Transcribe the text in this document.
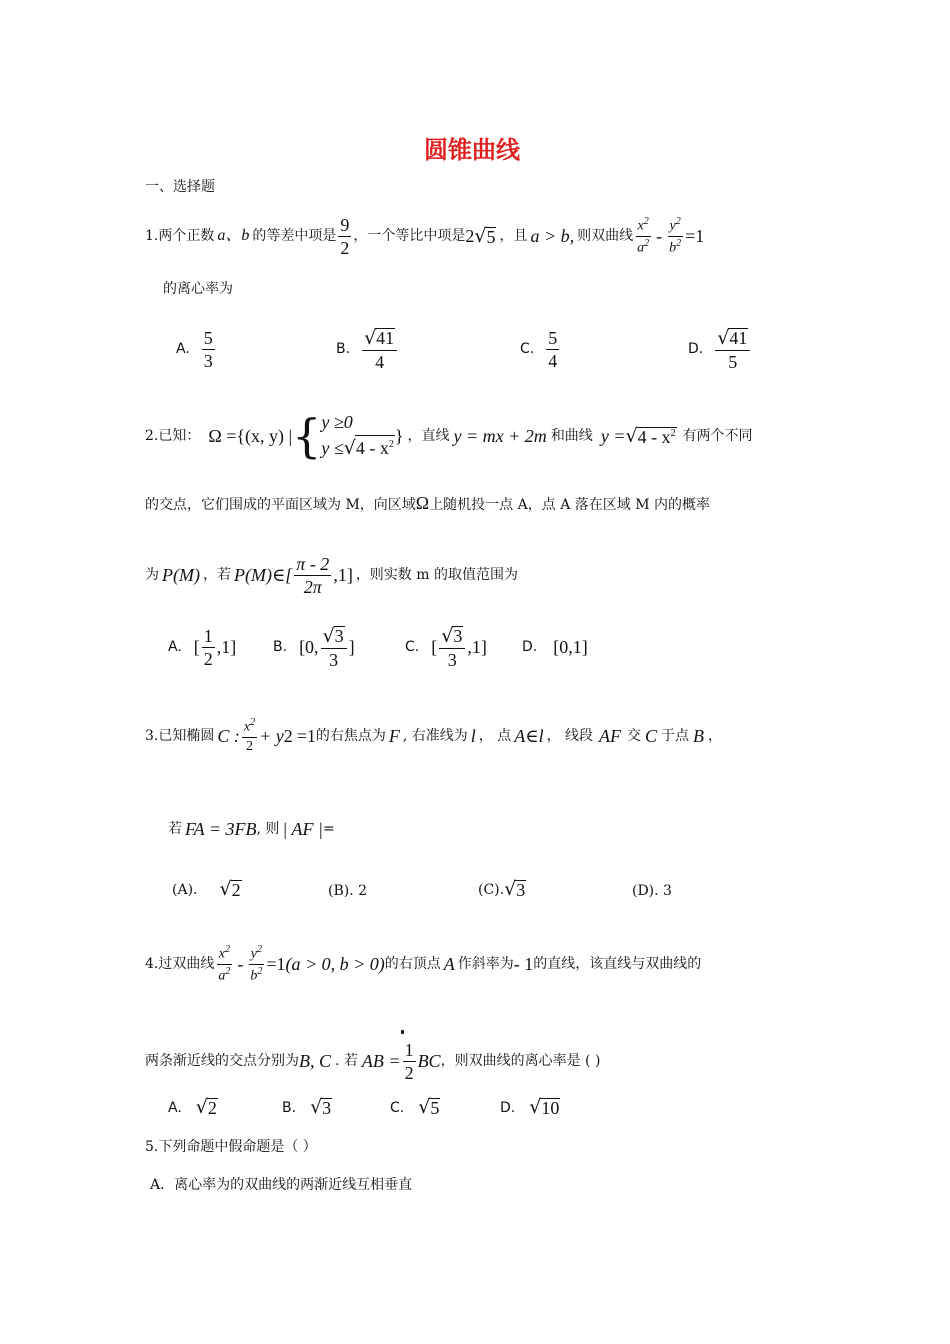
圆锥曲线
一、选择题
1.两个正数 a、b 的等差中项是 $\frac{9}{2}$ ，一个等比中项是 2 √ 5 ，且 a > b, 则双曲线 $\frac{x^2}{a^2} - \frac{y^2}{b^2} =1$
的离心率为
A. $\frac{5}{3}$	B. $\frac{√41}{4}$	C. $\frac{5}{4}$	D. $\frac{√41}{5}$
2.已知： Ω ={(x, y) | { y ≥0
$y \le√4 - x^2$ } ，直线 y = mx + 2m 和曲线 y = √ $4 - x^2$ 有两个不同
的交点，它们围成的平面区域为 M，向区域Ω上随机投一点 A，点 A 落在区域 M 内的概率
为 P(M) ，若 P(M)∈[ $\frac{\pi - 2}{2\pi} ,1$] ，则实数 m 的取值范围为
A. [ $\frac{1}{2} ,1$]	B. [0, $\frac{√3}{3}$ ]	C. [ $\frac{√3}{3} ,1$]	D. [0,1]
3.已知椭圆 C : $\frac{x^2}{2} + y$ 2 =1 的右焦点为 F , 右准线为 l ， 点 A∈l ， 线段 AF 交 C 于点 B ，
若 FA = 3FB , 则 | AF | =
(A). √ 2	(B). 2	(C). √ 3	(D). 3
4.过双曲线 $\frac{x^2}{a^2} - \frac{y^2}{b^2} =1$ (a > 0, b > 0) 的右顶点 A 作斜率为 - 1 的直线，该直线与双曲线的
两条渐近线的交点分别为 B, C . 若 AB = $\frac{1}{2}$ BC ，则双曲线的离心率是 ( )
A. √ 2	B. √ 3	C. √ 5	D. √ 10
5.下列命题中假命题是（ ）
A．离心率为的双曲线的两渐近线互相垂直
